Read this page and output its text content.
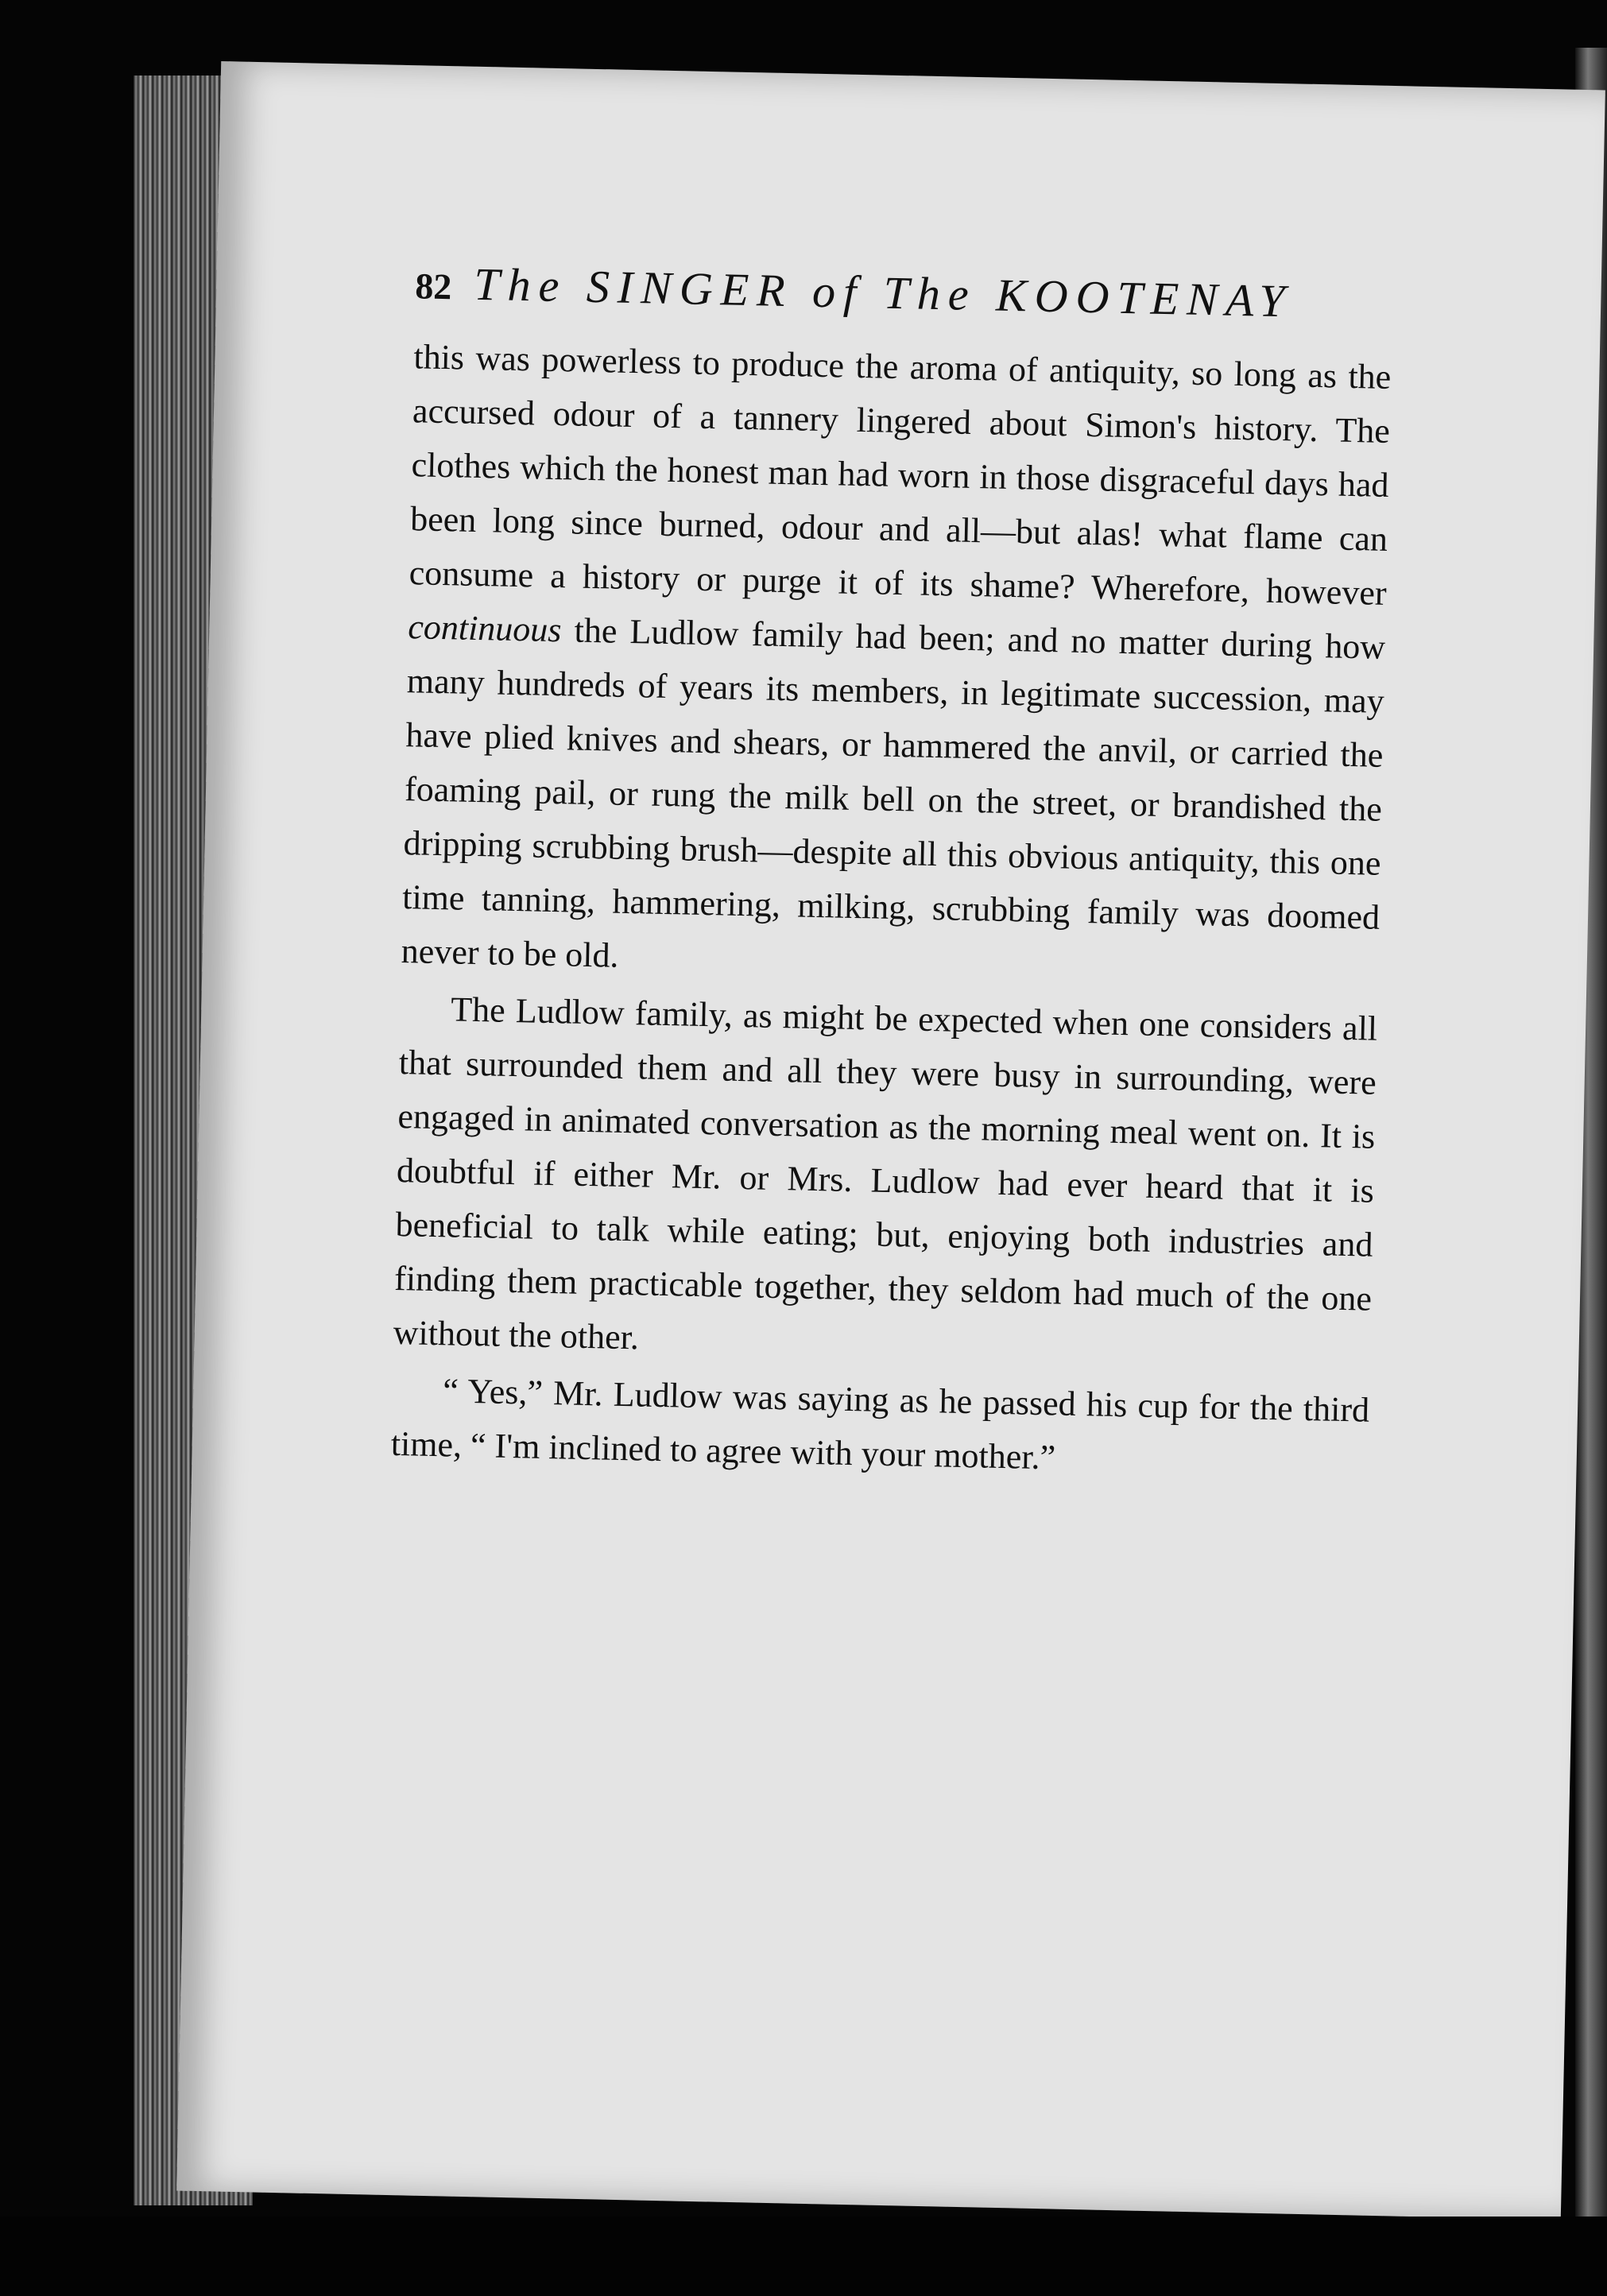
82 The SINGER of The KOOTENAY

this was powerless to produce the aroma of antiquity, so long as the accursed odour of a tannery lingered about Simon's history. The clothes which the honest man had worn in those disgraceful days had been long since burned, odour and all—but alas! what flame can consume a history or purge it of its shame? Wherefore, however continuous the Ludlow family had been; and no matter during how many hundreds of years its members, in legitimate succession, may have plied knives and shears, or hammered the anvil, or carried the foaming pail, or rung the milk bell on the street, or brandished the dripping scrubbing brush—despite all this obvious antiquity, this one time tanning, hammering, milking, scrubbing family was doomed never to be old.

The Ludlow family, as might be expected when one considers all that surrounded them and all they were busy in surrounding, were engaged in animated conversation as the morning meal went on. It is doubtful if either Mr. or Mrs. Ludlow had ever heard that it is beneficial to talk while eating; but, enjoying both industries and finding them practicable together, they seldom had much of the one without the other.

“ Yes,” Mr. Ludlow was saying as he passed his cup for the third time, “ I'm inclined to agree with your mother.”
